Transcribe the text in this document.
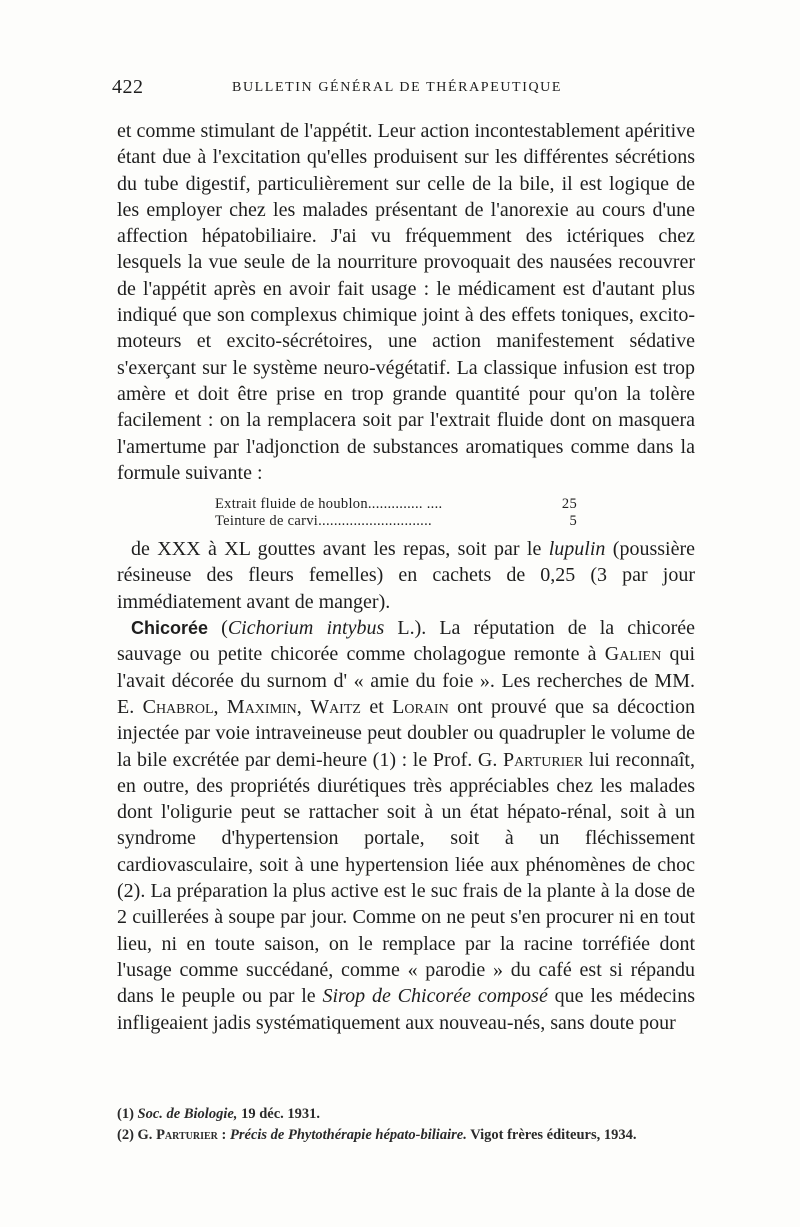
422	BULLETIN GÉNÉRAL DE THÉRAPEUTIQUE

et comme stimulant de l'appétit. Leur action incontestablement apéritive étant due à l'excitation qu'elles produisent sur les différentes sécrétions du tube digestif, particulièrement sur celle de la bile, il est logique de les employer chez les malades présentant de l'anorexie au cours d'une affection hépatobiliaire. J'ai vu fréquemment des ictériques chez lesquels la vue seule de la nourriture provoquait des nausées recouvrer de l'appétit après en avoir fait usage : le médicament est d'autant plus indiqué que son complexus chimique joint à des effets toniques, excito-moteurs et excito-sécrétoires, une action manifestement sédative s'exerçant sur le système neuro-végétatif. La classique infusion est trop amère et doit être prise en trop grande quantité pour qu'on la tolère facilement : on la remplacera soit par l'extrait fluide dont on masquera l'amertume par l'adjonction de substances aromatiques comme dans la formule suivante :

Extrait fluide de houblon.............. ....	25
Teinture de carvi.............................	5

de XXX à XL gouttes avant les repas, soit par le lupulin (poussière résineuse des fleurs femelles) en cachets de 0,25 (3 par jour immédiatement avant de manger).

Chicorée (Cichorium intybus L.). La réputation de la chicorée sauvage ou petite chicorée comme cholagogue remonte à Galien qui l'avait décorée du surnom d' « amie du foie ». Les recherches de MM. E. Chabrol, Maximin, Waitz et Lorain ont prouvé que sa décoction injectée par voie intraveineuse peut doubler ou quadrupler le volume de la bile excrétée par demi-heure (1) : le Prof. G. Parturier lui reconnaît, en outre, des propriétés diurétiques très appréciables chez les malades dont l'oligurie peut se rattacher soit à un état hépato-rénal, soit à un syndrome d'hypertension portale, soit à un fléchissement cardiovasculaire, soit à une hypertension liée aux phénomènes de choc (2). La préparation la plus active est le suc frais de la plante à la dose de 2 cuillerées à soupe par jour. Comme on ne peut s'en procurer ni en tout lieu, ni en toute saison, on le remplace par la racine torréfiée dont l'usage comme succédané, comme « parodie » du café est si répandu dans le peuple ou par le Sirop de Chicorée composé que les médecins infligeaient jadis systématiquement aux nouveau-nés, sans doute pour

(1) Soc. de Biologie, 19 déc. 1931.
(2) G. Parturier : Précis de Phytothérapie hépato-biliaire. Vigot frères éditeurs, 1934.
